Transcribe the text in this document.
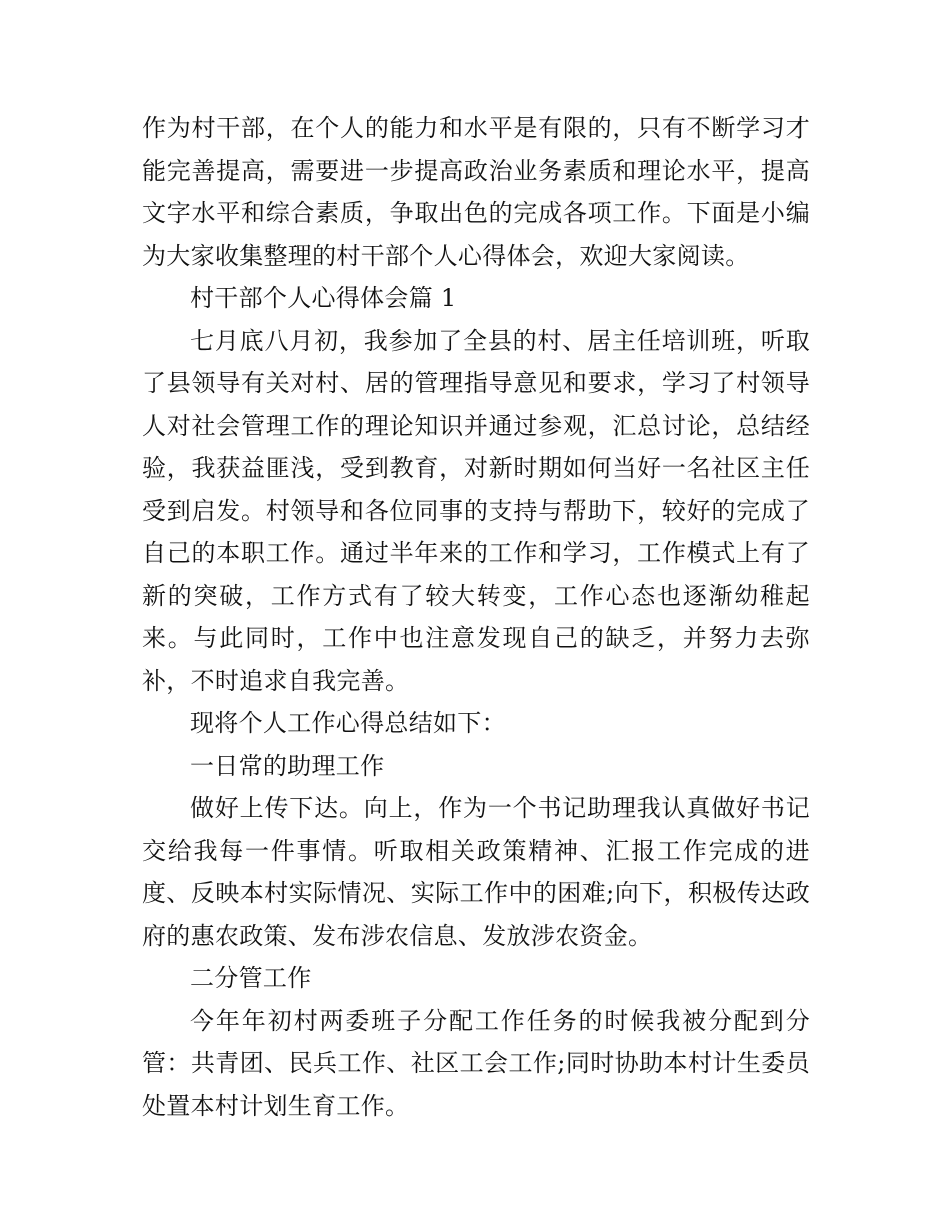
作为村干部，在个人的能力和水平是有限的，只有不断学习才能完善提高，需要进一步提高政治业务素质和理论水平，提高文字水平和综合素质，争取出色的完成各项工作。下面是小编为大家收集整理的村干部个人心得体会，欢迎大家阅读。

村干部个人心得体会篇 1

七月底八月初，我参加了全县的村、居主任培训班，听取了县领导有关对村、居的管理指导意见和要求，学习了村领导人对社会管理工作的理论知识并通过参观，汇总讨论，总结经验，我获益匪浅，受到教育，对新时期如何当好一名社区主任受到启发。村领导和各位同事的支持与帮助下，较好的完成了自己的本职工作。通过半年来的工作和学习，工作模式上有了新的突破，工作方式有了较大转变，工作心态也逐渐幼稚起来。与此同时，工作中也注意发现自己的缺乏，并努力去弥补，不时追求自我完善。

现将个人工作心得总结如下：

一日常的助理工作

做好上传下达。向上，作为一个书记助理我认真做好书记交给我每一件事情。听取相关政策精神、汇报工作完成的进度、反映本村实际情况、实际工作中的困难;向下，积极传达政府的惠农政策、发布涉农信息、发放涉农资金。

二分管工作

今年年初村两委班子分配工作任务的时候我被分配到分管：共青团、民兵工作、社区工会工作;同时协助本村计生委员处置本村计划生育工作。
